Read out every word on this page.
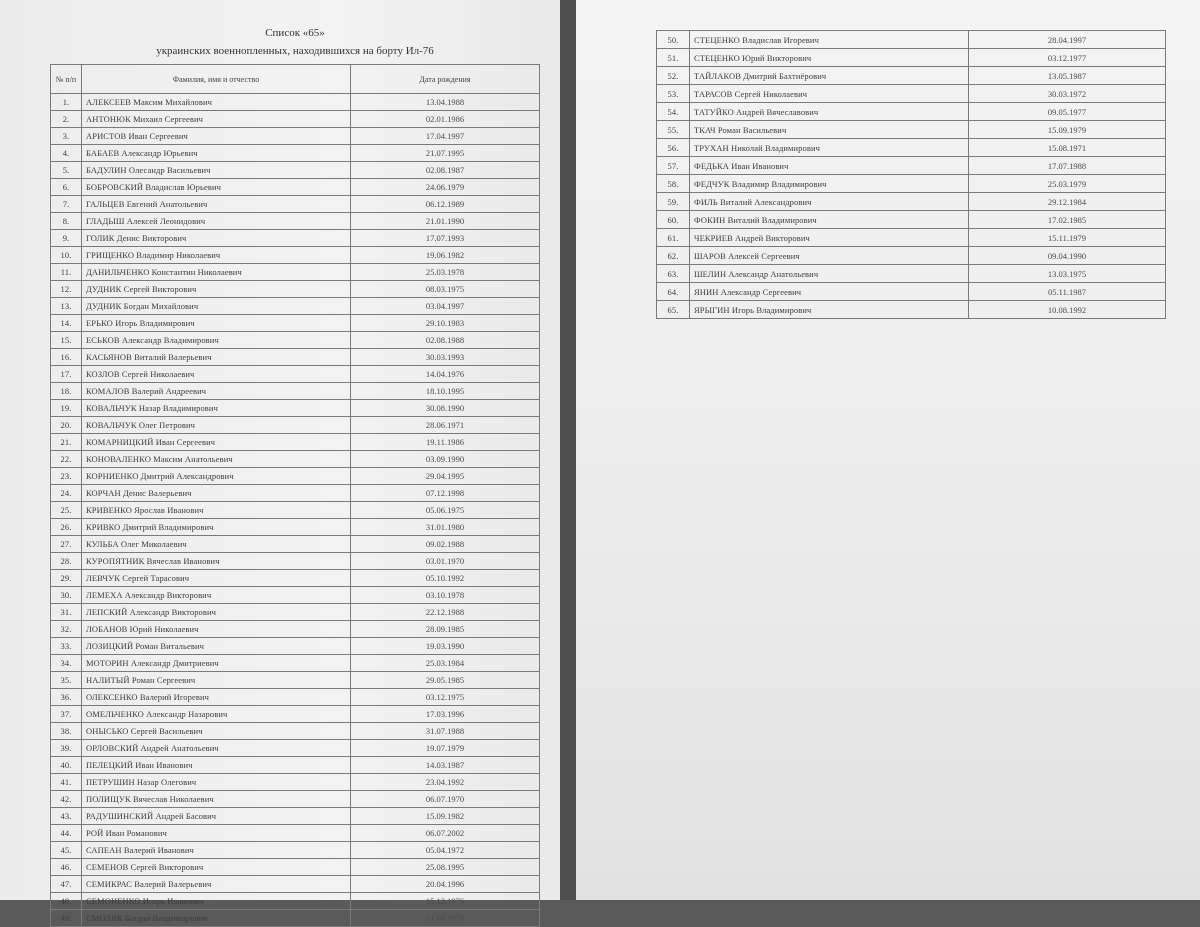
Список «65»
украинских военнопленных, находившихся на борту Ил-76
№ п/п	Фамилия, имя и отчество	Дата рождения
1.	АЛЕКСЕЕВ Максим Михайлович	13.04.1988
2.	АНТОНЮК Михаил Сергеевич	02.01.1986
3.	АРИСТОВ Иван Сергеевич	17.04.1997
4.	БАБАЕВ Александр Юрьевич	21.07.1995
5.	БАДУЛИН Олесандр Васильевич	02.08.1987
6.	БОБРОВСКИЙ Владислав Юрьевич	24.06.1979
7.	ГАЛЬЦЕВ Евгений Анатольевич	06.12.1989
8.	ГЛАДЫШ Алексей Леонидович	21.01.1990
9.	ГОЛИК Денис Викторович	17.07.1993
10.	ГРИЩЕНКО Владимир Николаевич	19.06.1982
11.	ДАНИЛЬЧЕНКО Константин Николаевич	25.03.1978
12.	ДУДНИК Сергей Викторович	08.03.1975
13.	ДУДНИК Богдан Михайлович	03.04.1997
14.	ЕРЬКО Игорь Владимирович	29.10.1983
15.	ЕСЬКОВ Александр Владимирович	02.08.1988
16.	КАСЬЯНОВ Виталий Валерьевич	30.03.1993
17.	КОЗЛОВ Сергей Николаевич	14.04.1976
18.	КОМАЛОВ Валерий Андреевич	18.10.1995
19.	КОВАЛЬЧУК Назар Владимирович	30.08.1990
20.	КОВАЛЬЧУК Олег Петрович	28.06.1971
21.	КОМАРНИЦКИЙ Иван Сергеевич	19.11.1986
22.	КОНОВАЛЕНКО Максим Анатольевич	03.09.1990
23.	КОРНИЕНКО Дмитрий Александрович	29.04.1995
24.	КОРЧАН Денис Валерьевич	07.12.1998
25.	КРИВЕНКО Ярослав Иванович	05.06.1975
26.	КРИВКО Дмитрий Владимирович	31.01.1980
27.	КУЛЬБА Олег Миколаевич	09.02.1988
28.	КУРОПЯТНИК Вячеслав Иванович	03.01.1970
29.	ЛЕВЧУК Сергей Тарасович	05.10.1992
30.	ЛЕМЕХА Александр Викторович	03.10.1978
31.	ЛЕПСКИЙ Александр Викторович	22.12.1988
32.	ЛОБАНОВ Юрий Николаевич	28.09.1985
33.	ЛОЗИЦКИЙ Роман Витальевич	19.03.1990
34.	МОТОРИН Александр Дмитриевич	25.03.1984
35.	НАЛИТЫЙ Роман Сергеевич	29.05.1985
36.	ОЛЕКСЕНКО Валерий Игоревич	03.12.1975
37.	ОМЕЛЬЧЕНКО Александр Назарович	17.03.1996
38.	ОНЫСЬКО Сергей Васильевич	31.07.1988
39.	ОРЛОВСКИЙ Андрей Анатольевич	19.07.1979
40.	ПЕЛЕЦКИЙ Иван Иванович	14.03.1987
41.	ПЕТРУШИН Назар Олегович	23.04.1992
42.	ПОЛИЩУК Вячеслав Николаевич	06.07.1970
43.	РАДУШИНСКИЙ Андрей Басович	15.09.1982
44.	РОЙ Иван Романович	06.07.2002
45.	САПЕАН Валерий Иванович	05.04.1972
46.	СЕМЕНОВ Сергей Викторович	25.08.1995
47.	СЕМИКРАС Валерий Валерьевич	20.04.1996
48.	СЕМОНЕНКО Игорь Иванович	15.12.1976
49.	СМОЛЯК Богдан Владимирович	21.08.1978
50.	СТЕЦЕНКО Владислав Игоревич	28.04.1997
51.	СТЕЦЕНКО Юрий Викторович	03.12.1977
52.	ТАЙЛАКОВ Дмитрий Бахтиёрович	13.05.1987
53.	ТАРАСОВ Сергей Николаевич	30.03.1972
54.	ТАТУЙКО Андрей Вячеславович	09.05.1977
55.	ТКАЧ Роман Васильевич	15.09.1979
56.	ТРУХАН Николай Владимирович	15.08.1971
57.	ФЕДЬКА Иван Иванович	17.07.1988
58.	ФЕДЧУК Владимир Владимирович	25.03.1979
59.	ФИЛЬ Виталий Александрович	29.12.1984
60.	ФОКИН Виталий Владимирович	17.02.1985
61.	ЧЕКРИЕВ Андрей Викторович	15.11.1979
62.	ШАРОВ Алексей Сергеевич	09.04.1990
63.	ШЕЛИН Александр Анатольевич	13.03.1975
64.	ЯНИН Александр Сергеевич	05.11.1987
65.	ЯРЫГИН Игорь Владимирович	10.08.1992
